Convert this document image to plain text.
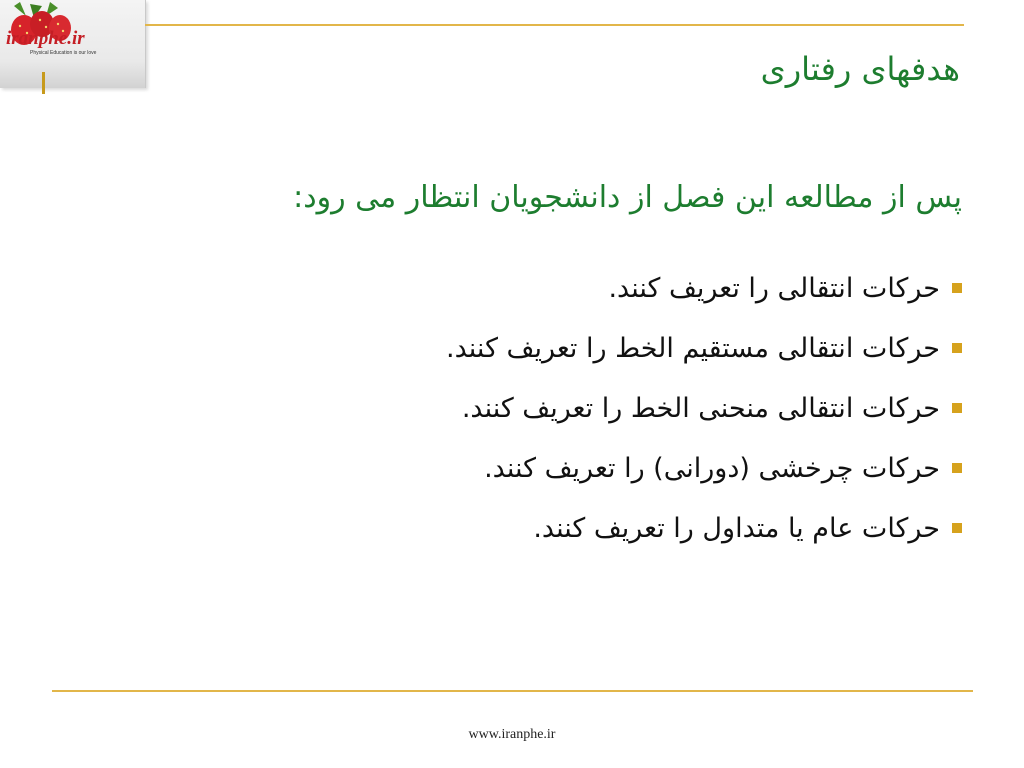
iranphe.ir
Physical Education is our love	هدفهای رفتاری
پس از مطالعه این فصل از دانشجویان انتظار می رود:
حرکات انتقالی را تعریف کنند.
حرکات انتقالی مستقیم الخط را تعریف کنند.
حرکات انتقالی منحنی الخط را تعریف کنند.
حرکات چرخشی (دورانی) را تعریف کنند.
حرکات عام یا متداول را تعریف کنند.
www.iranphe.ir
